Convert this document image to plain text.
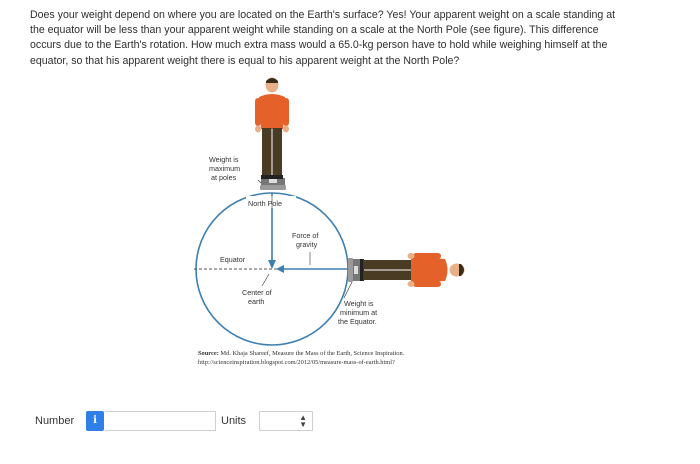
Does your weight depend on where you are located on the Earth's surface? Yes! Your apparent weight on a scale standing at the equator will be less than your apparent weight while standing on a scale at the North Pole (see figure). This difference occurs due to the Earth's rotation. How much extra mass would a 65.0-kg person have to hold while weighing himself at the equator, so that his apparent weight there is equal to his apparent weight at the North Pole?
North Pole
Weight is
maximum
at poles
Force of
gravity
Equator
Center of
earth	Weight is
minimum at
the Equator.
Source: Md. Khaja Shareef, Measure the Mass of the Earth, Science Inspiration. http://scienceinspiration.blogspot.com/2012/05/measure-mass-of-earth.html?
Number	i	Units	▲
▼
